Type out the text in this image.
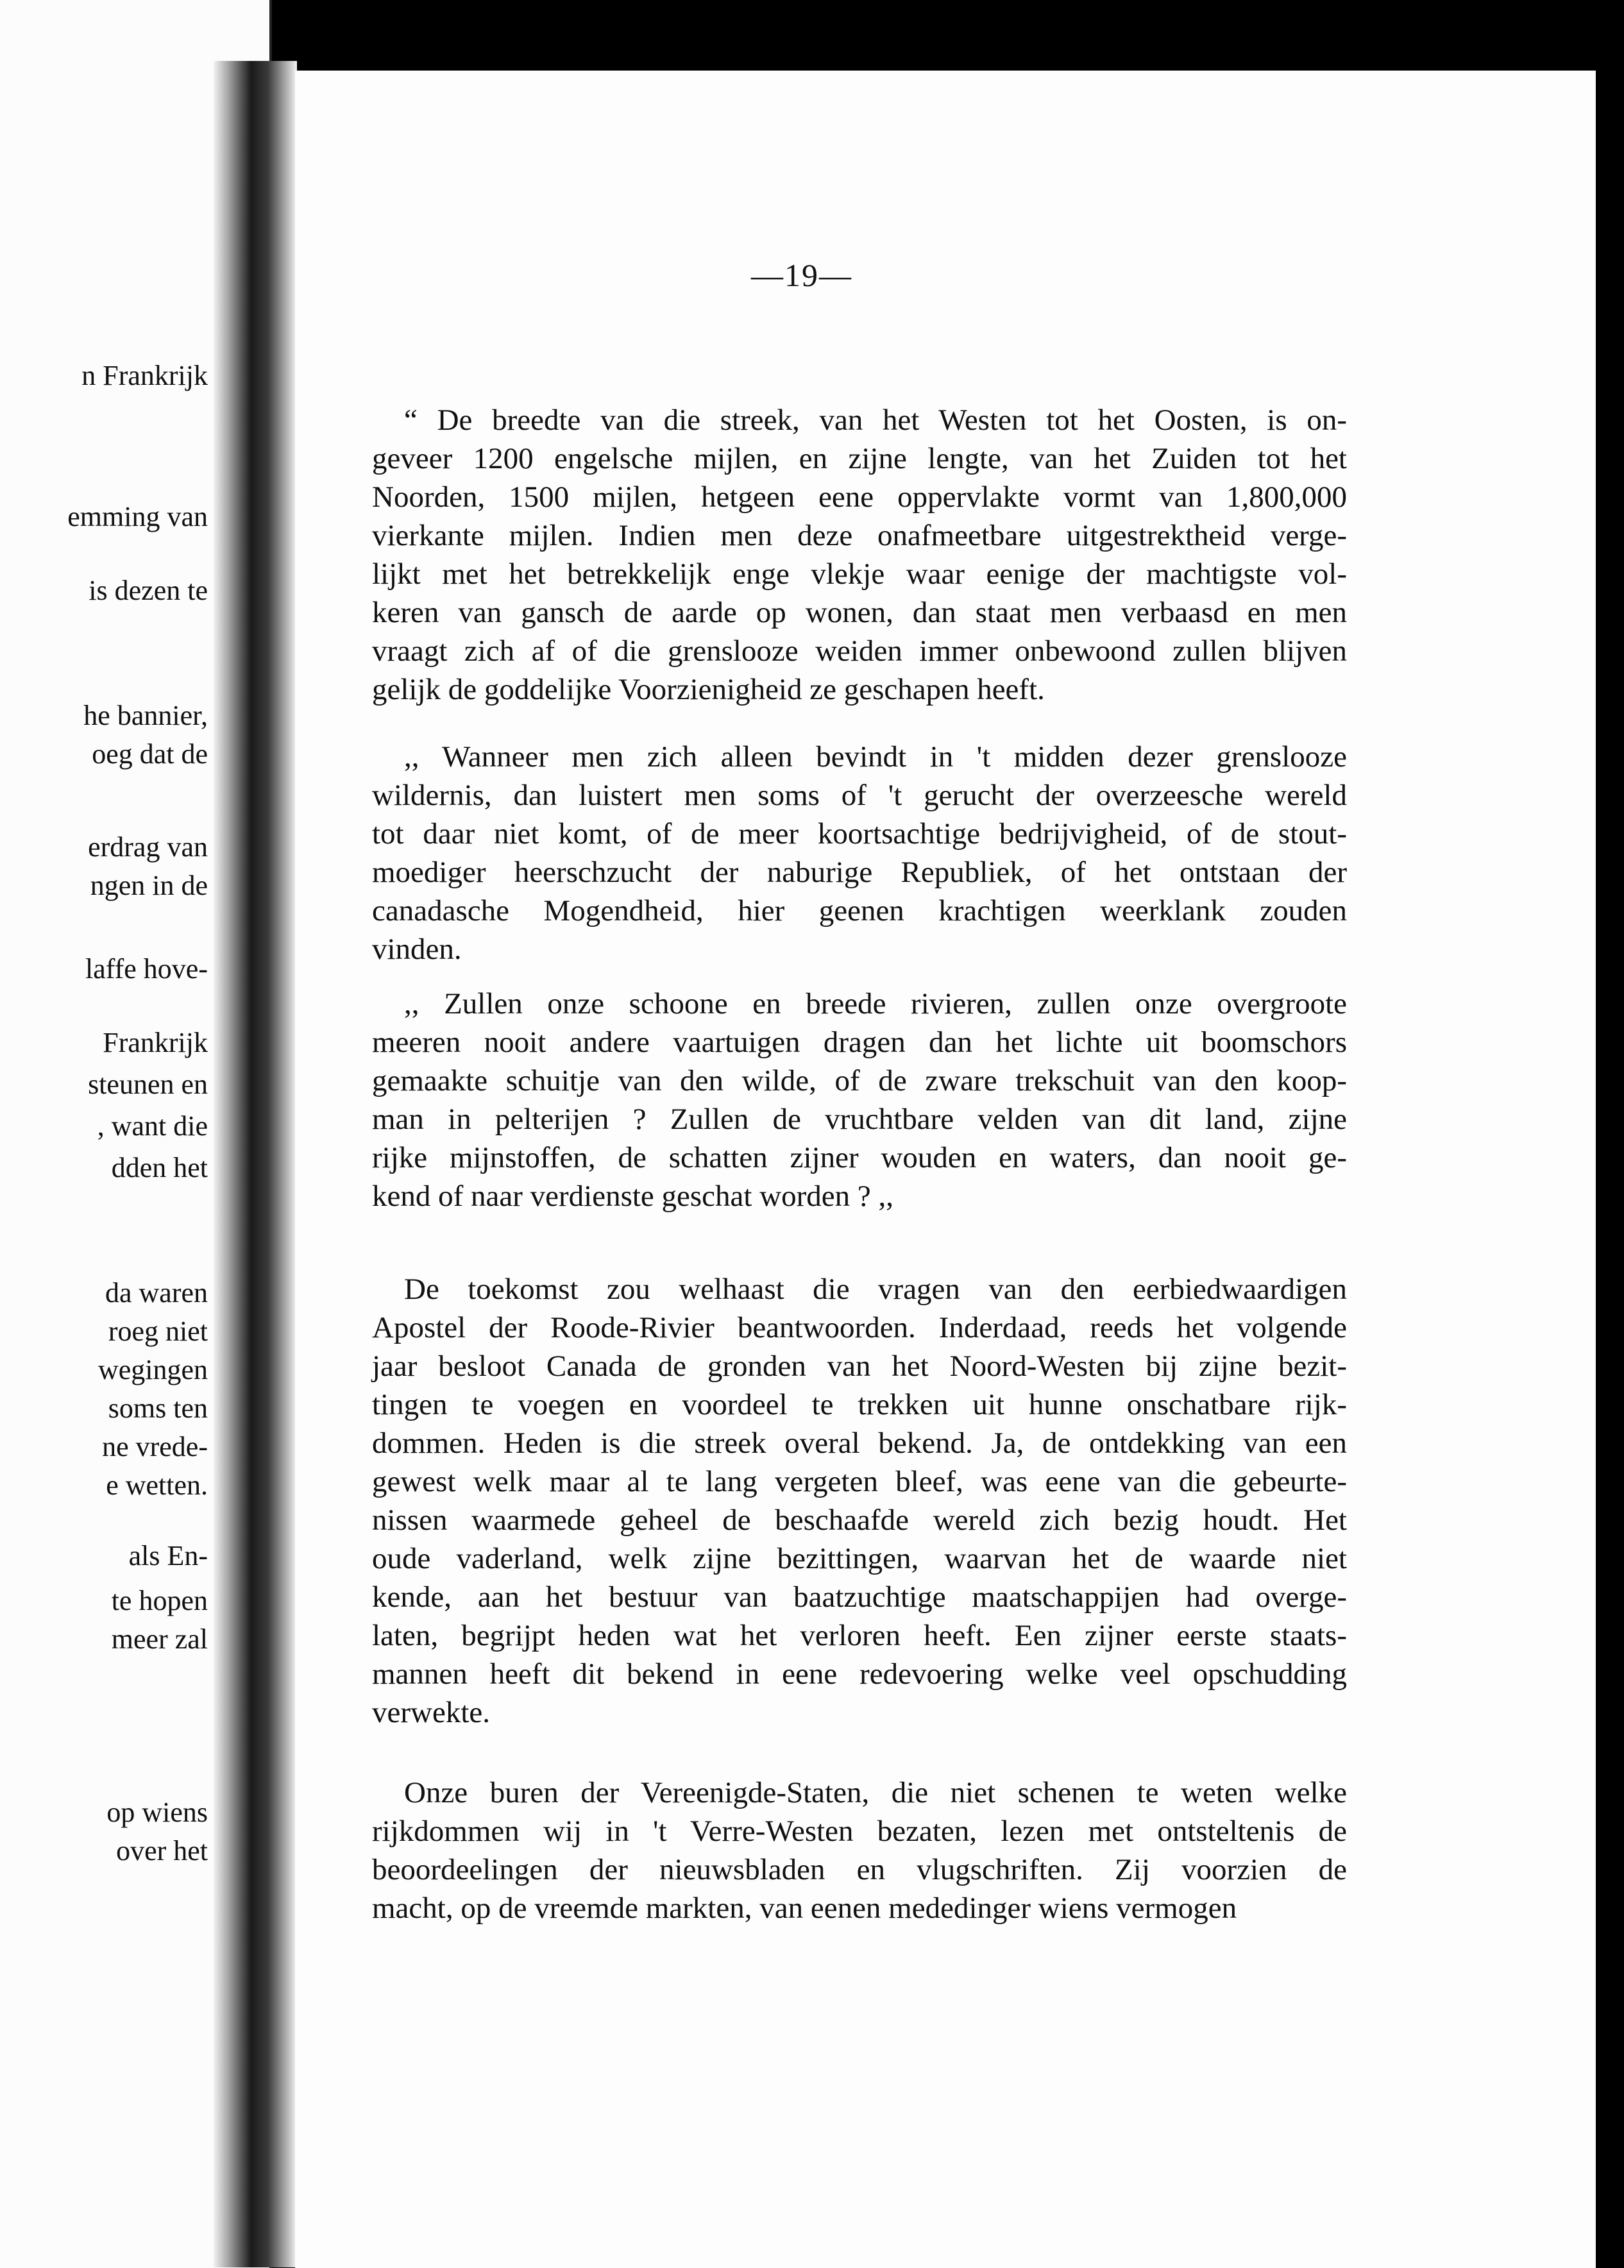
n Frankrijk
emming van
is dezen te
he bannier,
oeg dat de
erdrag van
ngen in de
laffe hove-
Frankrijk
steunen en
, want die
dden het
da waren
roeg niet
wegingen
soms ten
ne vrede-
e wetten.
als En-
te hopen
meer zal
op wiens
over het
—19—
“ De breedte van die streek, van het Westen tot het Oosten, is on-
geveer 1200 engelsche mijlen, en zijne lengte, van het Zuiden tot het
Noorden, 1500 mijlen, hetgeen eene oppervlakte vormt van 1,800,000
vierkante mijlen. Indien men deze onafmeetbare uitgestrektheid verge-
lijkt met het betrekkelijk enge vlekje waar eenige der machtigste vol-
keren van gansch de aarde op wonen, dan staat men verbaasd en men
vraagt zich af of die grenslooze weiden immer onbewoond zullen blijven
gelijk de goddelijke Voorzienigheid ze geschapen heeft.
,, Wanneer men zich alleen bevindt in 't midden dezer grenslooze
wildernis, dan luistert men soms of 't gerucht der overzeesche wereld
tot daar niet komt, of de meer koortsachtige bedrijvigheid, of de stout-
moediger heerschzucht der naburige Republiek, of het ontstaan der
canadasche Mogendheid, hier geenen krachtigen weerklank zouden
vinden.
,, Zullen onze schoone en breede rivieren, zullen onze overgroote
meeren nooit andere vaartuigen dragen dan het lichte uit boomschors
gemaakte schuitje van den wilde, of de zware trekschuit van den koop-
man in pelterijen ? Zullen de vruchtbare velden van dit land, zijne
rijke mijnstoffen, de schatten zijner wouden en waters, dan nooit ge-
kend of naar verdienste geschat worden ? ,,
De toekomst zou welhaast die vragen van den eerbiedwaardigen
Apostel der Roode-Rivier beantwoorden. Inderdaad, reeds het volgende
jaar besloot Canada de gronden van het Noord-Westen bij zijne bezit-
tingen te voegen en voordeel te trekken uit hunne onschatbare rijk-
dommen. Heden is die streek overal bekend. Ja, de ontdekking van een
gewest welk maar al te lang vergeten bleef, was eene van die gebeurte-
nissen waarmede geheel de beschaafde wereld zich bezig houdt. Het
oude vaderland, welk zijne bezittingen, waarvan het de waarde niet
kende, aan het bestuur van baatzuchtige maatschappijen had overge-
laten, begrijpt heden wat het verloren heeft. Een zijner eerste staats-
mannen heeft dit bekend in eene redevoering welke veel opschudding
verwekte.
Onze buren der Vereenigde-Staten, die niet schenen te weten welke
rijkdommen wij in 't Verre-Westen bezaten, lezen met ontsteltenis de
beoordeelingen der nieuwsbladen en vlugschriften. Zij voorzien de
macht, op de vreemde markten, van eenen mededinger wiens vermogen
